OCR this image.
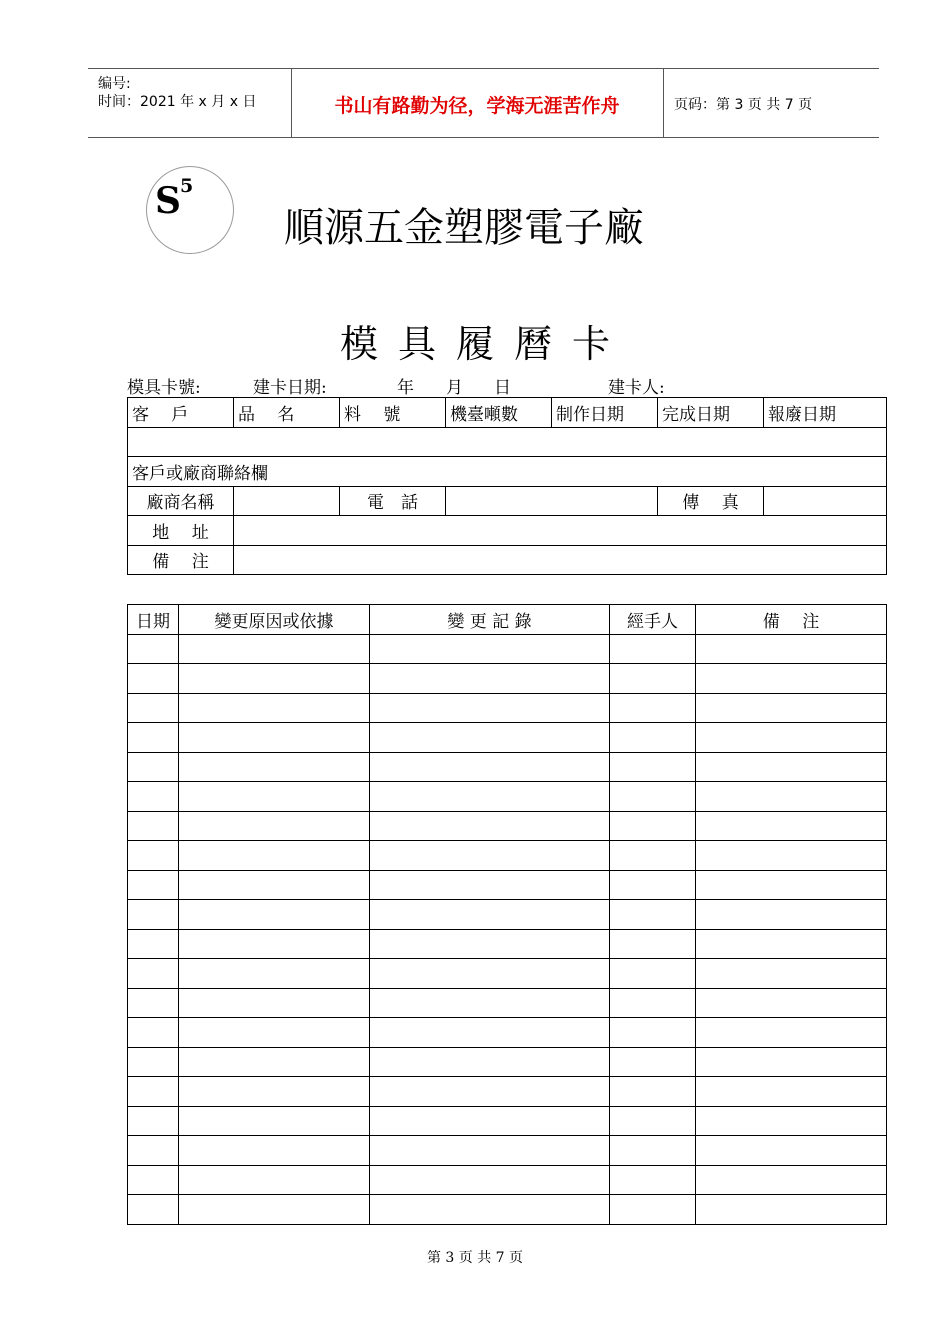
编号:
时间：2021 年 x 月 x 日	书山有路勤为径，学海无涯苦作舟	页码：第 3 页 共 7 页
S 5
順源五金塑膠電子廠
模具履曆卡
模具卡號:	建卡日期:	年 月 日	建卡人:
客　 戶	品　 名	料　 號	機臺噸數	制作日期	完成日期	報廢日期

客戶或廠商聯絡欄						
廠商名稱		電　話			傳　 真	
地　 址						
備　 注						
日期	變更原因或依據	變 更 記 錄	經手人	備　 注

第 3 页 共 7 页
